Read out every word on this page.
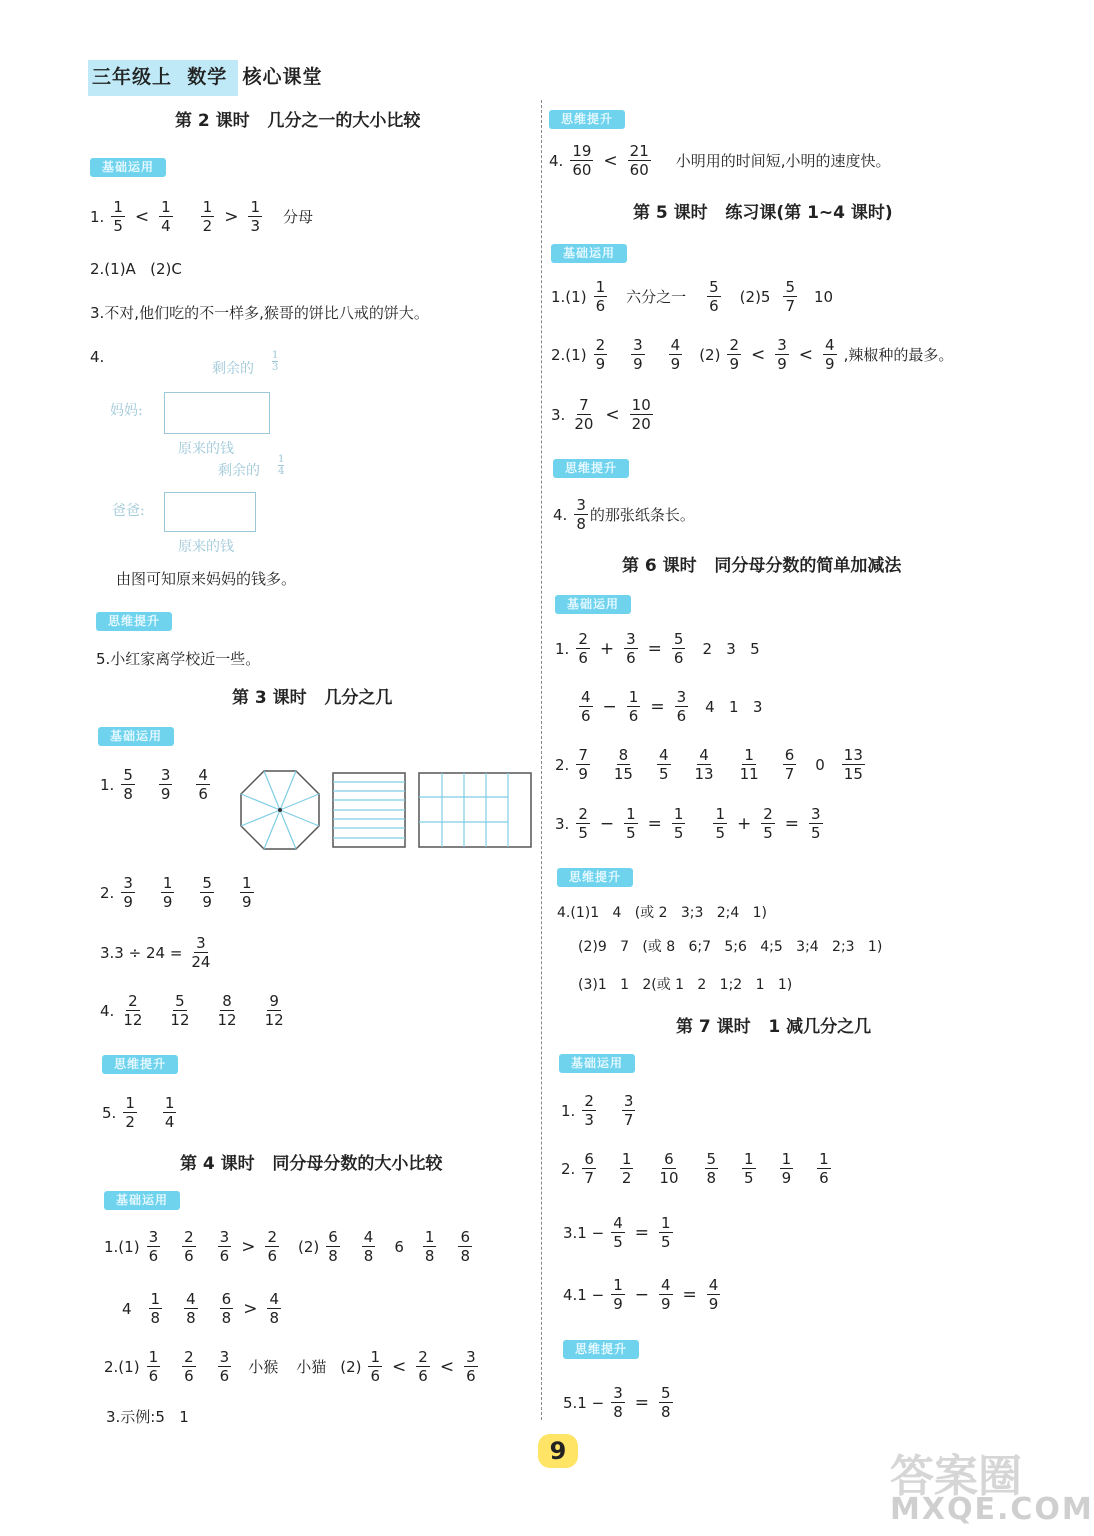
三年级上 数学 核心课堂
第 2 课时   几分之一的大小比较
基础运用
1. $\frac{1}{5} < \frac{1}{4} \frac{1}{2} > \frac{1}{3}$ 分母
2.(1)A   (2)C
3.不对,他们吃的不一样多,猴哥的饼比八戒的饼大。
4.
剩余的
1
3
妈妈:
原来的钱
剩余的
1
4
爸爸:
原来的钱
由图可知原来妈妈的钱多。
思维提升
5.小红家离学校近一些。
第 3 课时   几分之几
基础运用
1. $\frac{5}{8} \frac{3}{9} \frac{4}{6}$
2. $\frac{3}{9} \frac{1}{9} \frac{5}{9} \frac{1}{9}$
$3.3 \div 24 = \frac{3}{24}$
4. $\frac{2}{12} \frac{5}{12} \frac{8}{12} \frac{9}{12}$
思维提升
5. $\frac{1}{2} \frac{1}{4}$
第 4 课时   同分母分数的大小比较
基础运用
$1.(1) \frac{3}{6} \frac{2}{6} \frac{3}{6} > \frac{2}{6} (2) \frac{6}{8} \frac{4}{8} 6 \frac{1}{8} \frac{6}{8}$
$4 \frac{1}{8} \frac{4}{8} \frac{6}{8} > \frac{4}{8}$
$2.(1) \frac{1}{6} \frac{2}{6} \frac{3}{6}$ 小猴 小猫 $(2) \frac{1}{6} < \frac{2}{6} < \frac{3}{6}$
3.示例:5   1
思维提升
4. $\frac{19}{60} < \frac{21}{60}$ 小明用的时间短,小明的速度快。
第 5 课时   练习课(第 1~4 课时)
基础运用
$1.(1) \frac{1}{6}$ 六分之一 $\frac{5}{6} (2)5 \frac{5}{7} 10$
$2.(1) \frac{2}{9} \frac{3}{9} \frac{4}{9} (2) \frac{2}{9} < \frac{3}{9} < \frac{4}{9}$ ,辣椒种的最多。
3. $\frac{7}{20} < \frac{10}{20}$
思维提升
4. $\frac{3}{8}$ 的那张纸条长。
第 6 课时   同分母分数的简单加减法
基础运用
1. $\frac{2}{6} + \frac{3}{6} = \frac{5}{6} 2$   3   5
$\frac{4}{6} - \frac{1}{6} = \frac{3}{6} 4$   1   3
2. $\frac{7}{9} \frac{8}{15} \frac{4}{5} \frac{4}{13} \frac{1}{11} \frac{6}{7} 0 \frac{13}{15}$
3. $\frac{2}{5} - \frac{1}{5} = \frac{1}{5} \frac{1}{5} + \frac{2}{5} = \frac{3}{5}$
思维提升
4.(1)1   4   (或 2   3;3   2;4   1)
(2)9   7   (或 8   6;7   5;6   4;5   3;4   2;3   1)
(3)1   1   2(或 1   2   1;2   1   1)
第 7 课时   1 减几分之几
基础运用
1. $\frac{2}{3} \frac{3}{7}$
2. $\frac{6}{7} \frac{1}{2} \frac{6}{10} \frac{5}{8} \frac{1}{5} \frac{1}{9} \frac{1}{6}$
$3.1 - \frac{4}{5} = \frac{1}{5}$
$4.1 - \frac{1}{9} - \frac{4}{9} = \frac{4}{9}$
思维提升
$5.1 - \frac{3}{8} = \frac{5}{8}$
9	答案圈
MXQE.COM
